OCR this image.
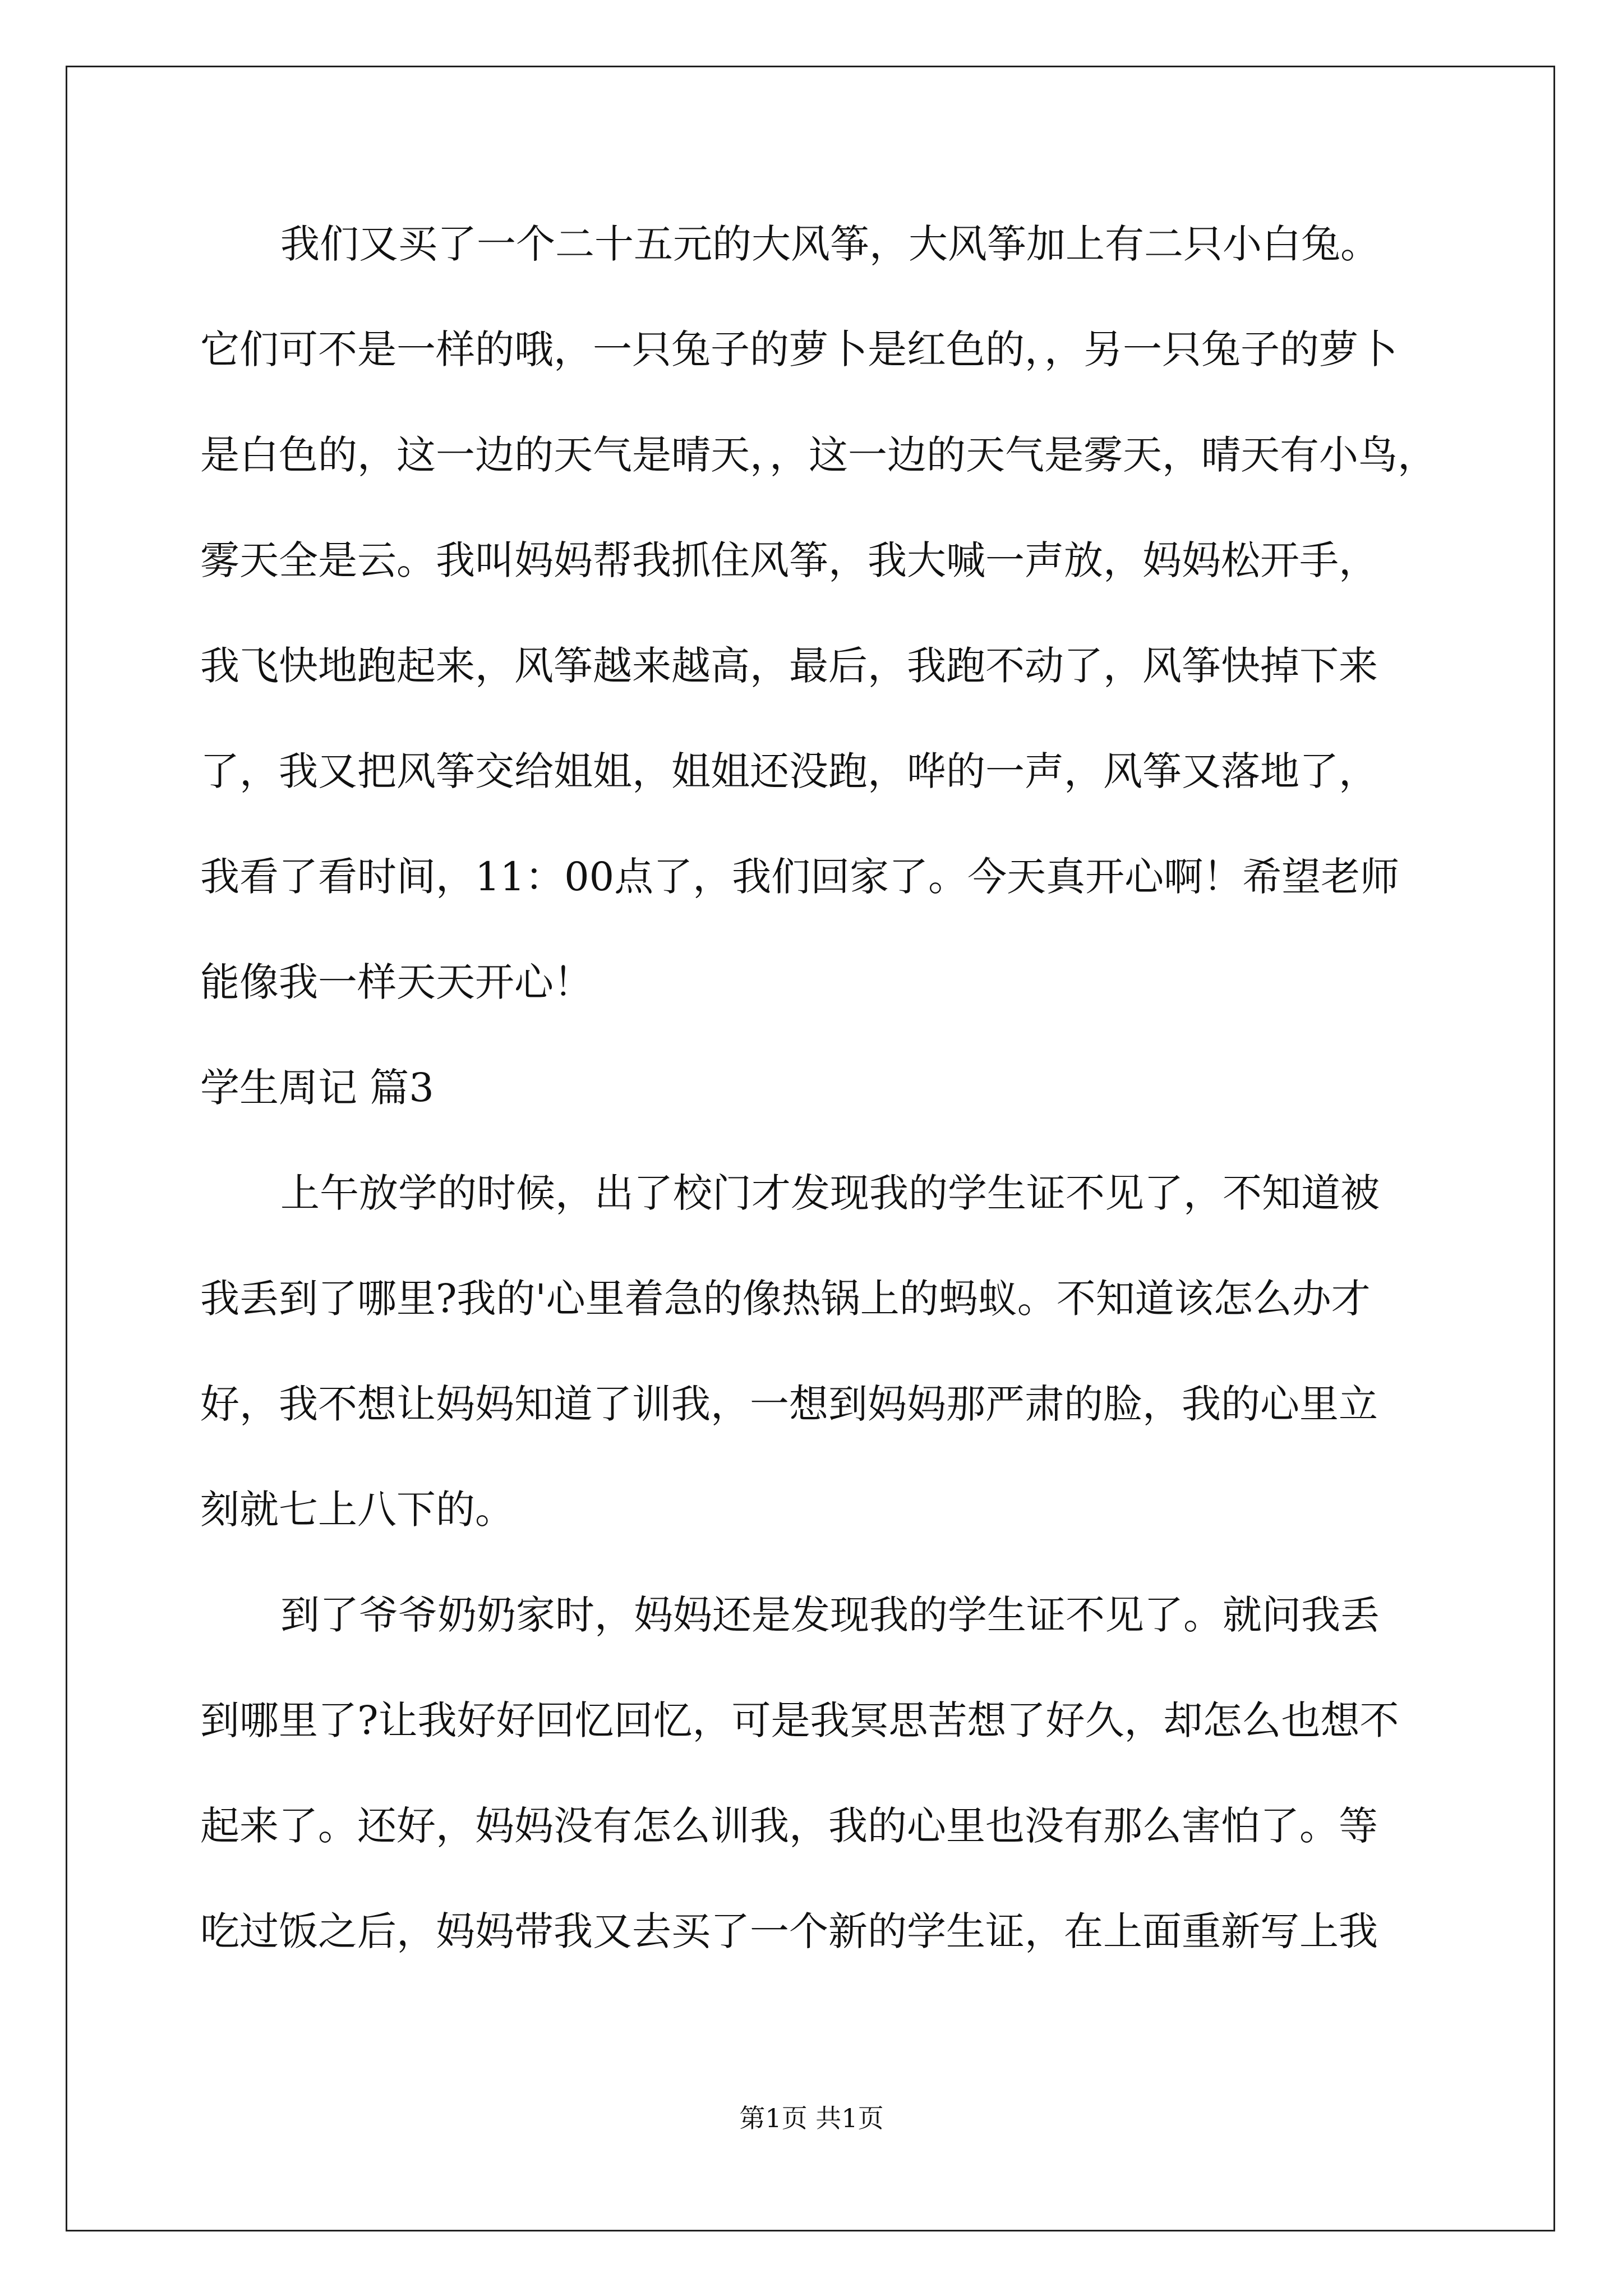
我们又买了一个二十五元的大风筝，大风筝加上有二只小白兔。
它们可不是一样的哦，一只兔子的萝卜是红色的，，另一只兔子的萝卜
是白色的，这一边的天气是晴天，，这一边的天气是雾天，晴天有小鸟，
雾天全是云。我叫妈妈帮我抓住风筝，我大喊一声放，妈妈松开手，
我飞快地跑起来，风筝越来越高，最后，我跑不动了，风筝快掉下来
了，我又把风筝交给姐姐，姐姐还没跑，哗的一声，风筝又落地了，
我看了看时间，11：00点了，我们回家了。今天真开心啊！希望老师
能像我一样天天开心！
学生周记 篇3
上午放学的时候，出了校门才发现我的学生证不见了，不知道被
我丢到了哪里?我的'心里着急的像热锅上的蚂蚁。不知道该怎么办才
好，我不想让妈妈知道了训我，一想到妈妈那严肃的脸，我的心里立
刻就七上八下的。
到了爷爷奶奶家时，妈妈还是发现我的学生证不见了。就问我丢
到哪里了?让我好好回忆回忆，可是我冥思苦想了好久，却怎么也想不
起来了。还好，妈妈没有怎么训我，我的心里也没有那么害怕了。等
吃过饭之后，妈妈带我又去买了一个新的学生证，在上面重新写上我
第1页 共1页
